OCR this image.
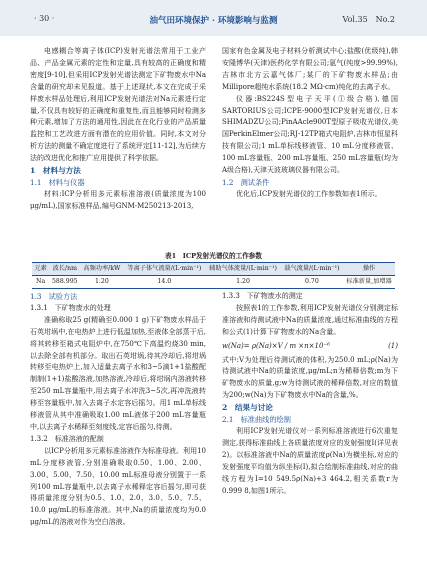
· 30 ·	油气田环境保护 · 环境影响与监测	Vol.35　No.2

电感耦合等离子体(ICP)发射光谱法常用于工业产品、产品金属元素的定性和定量,具有较高的正确度和精密度[9-10],但采用ICP发射光谱法测定下矿物废水中Na含量的研究却未见报道。基于上述现状,本文在完成于采样废水样品处理后,利用ICP发射光谱法对Na元素进行定量,不仅具有较好的正确度和重复性,而且能够同时检测多种元素,增加了方法的通用性,因此在在化行业的产品质量监控和工艺改进方面有潜在的应用价值。同时,本文对分析方法的测量不确定度进行了系统评定[11-12],为后续方法的改进优化和推广应用提供了科学依据。

1　材料与方法

1.1　材料与仪器

材料:ICP分析用多元素标准溶液(质量浓度为100 μg/mL),国家标准样品,编号GNM-M250213-2013,

国家有色金属及电子材料分析测试中心;盐酸(优级纯),韩安隆博华(天津)医药化学有限公司;氩气(纯度>99.99%),吉林市北方云嘉气体厂;某厂的下矿物废水样品;由Millipore超纯水系统(18.2 MΩ·cm)纯化的去离子水。

仪器:BS224S型电子天平(①级合格),德国SARTORIUS公司;ICPE-9000型ICP发射光谱仪,日本SHIMADZU公司;PinAAcle900T型原子吸收光谱仪,美国PerkinElmer公司;RJ-12TP箱式电阻炉,吉林市恒星科技有限公司;1 mL单标线移液管、10 mL分度移液管、100 mL容量瓶、200 mL容量瓶、250 mL容量瓶(均为A级合格),天津天波玻璃仪器有限公司。

1.2　测试条件

优化后,ICP发射光谱仪的工作参数如表1所示。

表1　ICP发射光谱仪的工作参数
元素	波长/nm	高频功率/kW	等离子体气流量/(L·min⁻¹)	辅助气体流量/(L·min⁻¹)	载气流量/(L·min⁻¹)	操作
Na	588.995	1.20	14.0	1.20	0.70	标准新量,加增器

1.3　试验方法

1.3.1　下矿物废水的处理

准确称取25 g(精确至0.000 1 g)下矿物废水样品于石英坩埚中,在电热炉上进行低温加热,至液体全部蒸干后,将其转移至箱式电阻炉中,在750℃下高温灼烧30 min,以去除全部有机部分。取出石英坩埚,待其冷却后,将坩埚转移至电热炉上,加入适量去离子水和3~5滴1+1盐酸配制制(1+1)盐酸溶液,加热溶液,冷却后,将坩埚内溶液转移至250 mL容量瓶中,用去离子水冲洗3~5次,再冲洗液转移至容量瓶中,加入去离子水定容后摇匀。用1 mL单标线移液管从其中准确吸取1.00 mL液体于200 mL容量瓶中,以去离子水稀释至刻度线,定容后摇匀,待测。

1.3.2　标准溶液的配制

以ICP分析用多元素标准溶液作为标准母液。利用10 mL分度移液管,分别准确吸取0.50、1.00、2.00、3.00、5.00、7.50、10.00 mL标准母液分别置于一系列100 mL容量瓶中,以去离子水稀释定容后摇匀,即可获得质量浓度分别为0.5、1.0、2.0、3.0、5.0、7.5、10.0 μg/mL的标准溶液。其中,Na的质量浓度均为0.0 μg/mL的溶液对作为空白溶液。

1.3.3　下矿物废水的测定

按照表1的工作参数,利用ICP发射光谱仪分别测定标准溶液和待测试液中Na的质量浓度,通过标准曲线的方程和公式(1)计算下矿物废水的Na含量。

w(Na)= ρ(Na)×V / m ×n×10⁻⁶	(1)

式中:V为处理后待测试液的体积,为250.0 mL;ρ(Na)为待测试液中Na的质量浓度,μg/mL;n为稀释倍数;m为下矿物废水的质量,g;w为待测试液的稀释倍数,对应的数值为200;w(Na)为下矿物废水中Na的含量,%。

2　结果与讨论

2.1　标准曲线的绘制

利用ICP发射光谱仪对一系列标准溶液进行6次重复测定,获得标准曲线上各质量浓度对应的发射强度I(详见表2)。以标准溶液中Na的质量浓度ρ(Na)为横坐标,对应的发射强度平均值为纵坐标(I),拟合绘制标准曲线,对应的曲线方程为I=10 549.5ρ(Na)+3 464.2,相关系数r为0.999 8,如图1所示。
